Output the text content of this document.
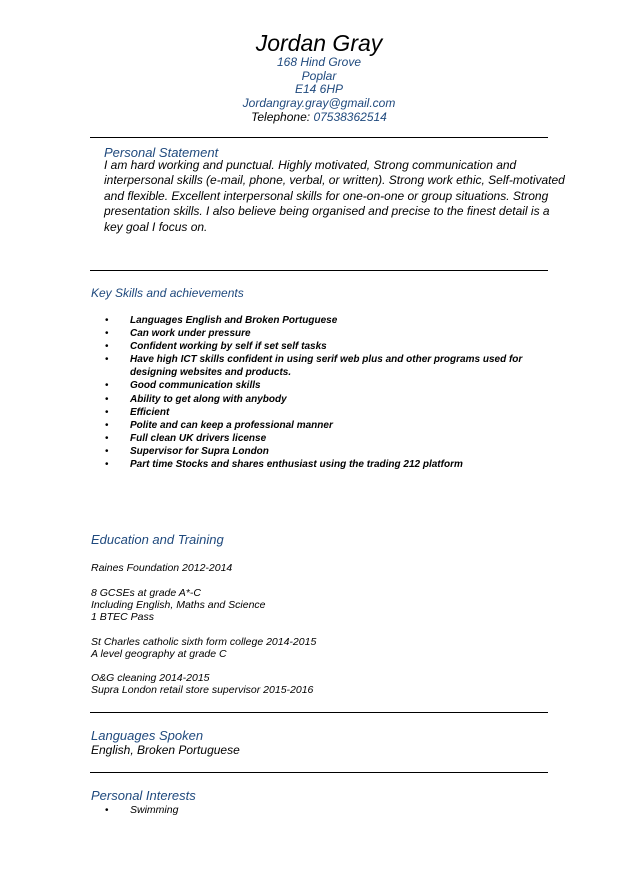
Jordan Gray
168 Hind Grove
Poplar
E14 6HP
Jordangray.gray@gmail.com
Telephone: 07538362514
Personal Statement
I am hard working and punctual. Highly motivated, Strong communication and interpersonal skills (e-mail, phone, verbal, or written). Strong work ethic, Self-motivated and flexible. Excellent interpersonal skills for one-on-one or group situations. Strong presentation skills. I also believe being organised and precise to the finest detail is a key goal I focus on.
Key Skills and achievements
• Languages English and Broken Portuguese
• Can work under pressure
• Confident working by self if set self tasks
• Have high ICT skills confident in using serif web plus and other programs used for designing websites and products.
• Good communication skills
• Ability to get along with anybody
• Efficient
• Polite and can keep a professional manner
• Full clean UK drivers license
• Supervisor for Supra London
• Part time Stocks and shares enthusiast using the trading 212 platform
Education and Training
Raines Foundation 2012-2014
8 GCSEs at grade A*-C
Including English, Maths and Science
1 BTEC Pass
St Charles catholic sixth form college 2014-2015
A level geography at grade C
O&G cleaning 2014-2015
Supra London retail store supervisor 2015-2016
Languages Spoken
English, Broken Portuguese
Personal Interests
• Swimming
